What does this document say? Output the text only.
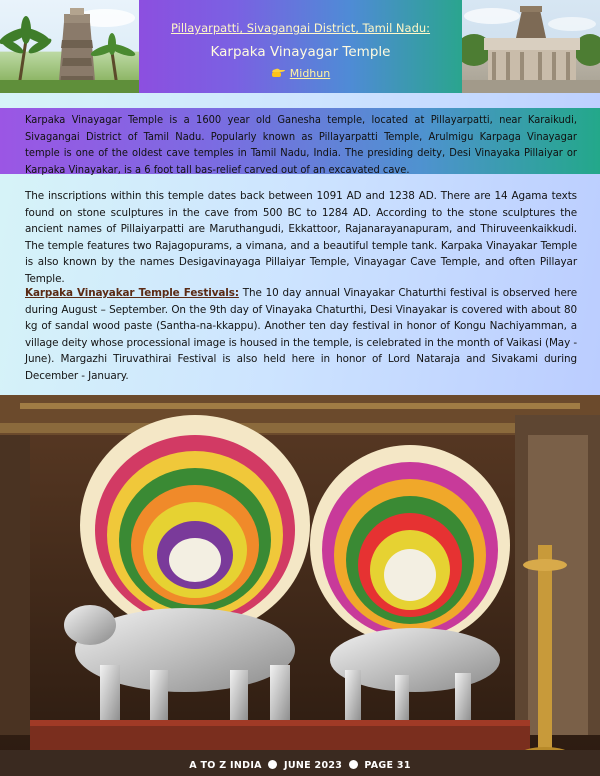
Pillayarpatti, Sivagangai District, Tamil Nadu:
Karpaka Vinayagar Temple
Midhun
Karpaka Vinayagar Temple is a 1600 year old Ganesha temple, located at Pillayarpatti, near Karaikudi, Sivagangai District of Tamil Nadu. Popularly known as Pillayarpatti Temple, Arulmigu Karpaga Vinayagar temple is one of the oldest cave temples in Tamil Nadu, India. The presiding deity, Desi Vinayaka Pillaiyar or Karpaka Vinayakar, is a 6 foot tall bas-relief carved out of an excavated cave.
The inscriptions within this temple dates back between 1091 AD and 1238 AD. There are 14 Agama texts found on stone sculptures in the cave from 500 BC to 1284 AD. According to the stone sculptures the ancient names of Pillaiyarpatti are Maruthangudi, Ekkattoor, Rajanarayanapuram, and Thiruveenkaikkudi. The temple features two Rajagopurams, a vimana, and a beautiful temple tank. Karpaka Vinayakar Temple is also known by the names Desigavinayaga Pillaiyar Temple, Vinayagar Cave Temple, and often Pillayar Temple.
Karpaka Vinayakar Temple Festivals: The 10 day annual Vinayakar Chaturthi festival is observed here during August – September. On the 9th day of Vinayaka Chaturthi, Desi Vinayakar is covered with about 80 kg of sandal wood paste (Santha-na-kkappu). Another ten day festival in honor of Kongu Nachiyamman, a village deity whose processional image is housed in the temple, is celebrated in the month of Vaikasi (May - June). Margazhi Tiruvathirai Festival is also held here in honor of Lord Nataraja and Sivakami during December - January.
A TO Z INDIA JUNE 2023 PAGE 31
